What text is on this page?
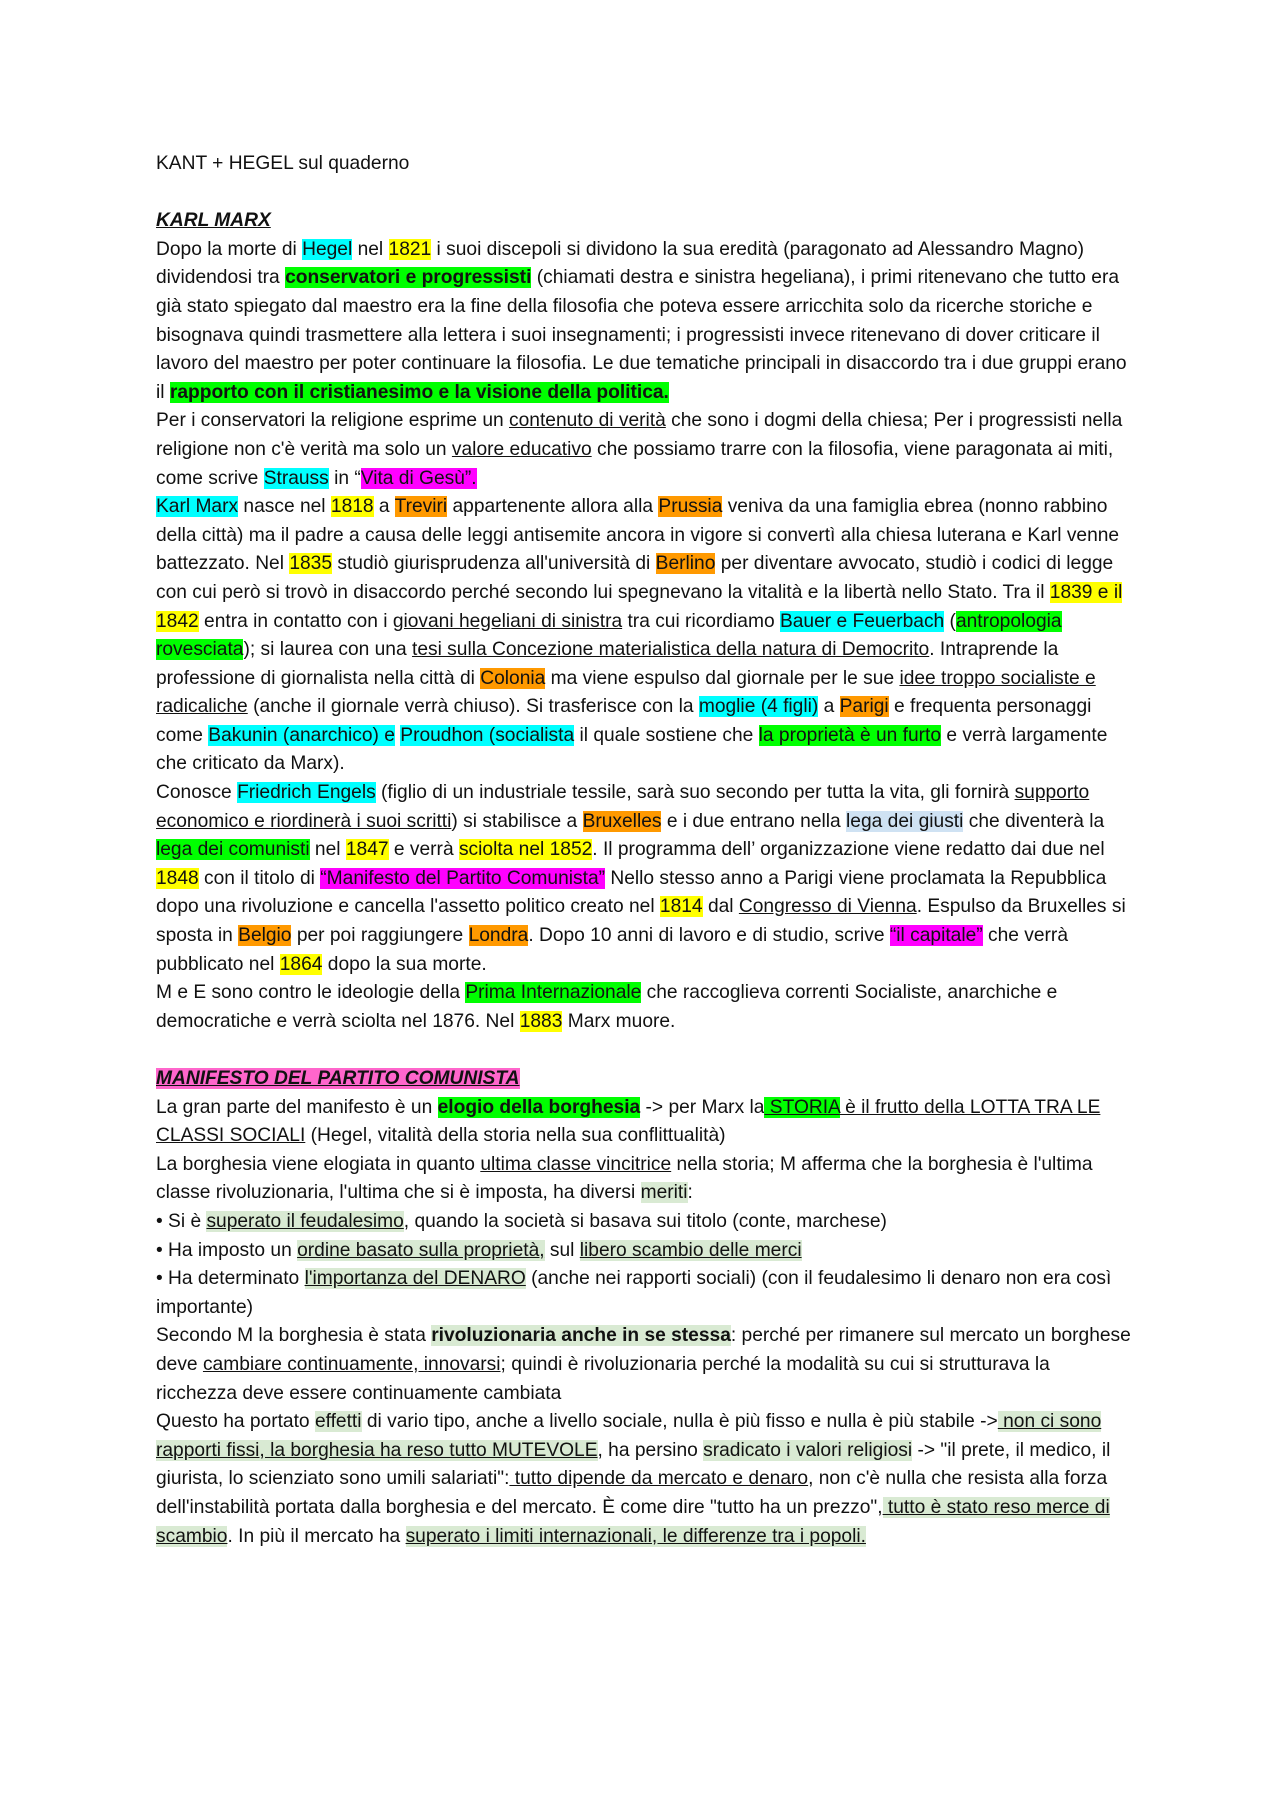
KANT + HEGEL sul quaderno

KARL MARX

Dopo la morte di Hegel nel 1821 i suoi discepoli si dividono la sua eredità (paragonato ad Alessandro Magno) dividendosi tra conservatori e progressisti (chiamati destra e sinistra hegeliana), i primi ritenevano che tutto era già stato spiegato dal maestro era la fine della filosofia che poteva essere arricchita solo da ricerche storiche e bisognava quindi trasmettere alla lettera i suoi insegnamenti; i progressisti invece ritenevano di dover criticare il lavoro del maestro per poter continuare la filosofia. Le due tematiche principali in disaccordo tra i due gruppi erano il rapporto con il cristianesimo e la visione della politica.

Per i conservatori la religione esprime un contenuto di verità che sono i dogmi della chiesa; Per i progressisti nella religione non c'è verità ma solo un valore educativo che possiamo trarre con la filosofia, viene paragonata ai miti, come scrive Strauss in “Vita di Gesù”.

Karl Marx nasce nel 1818 a Treviri appartenente allora alla Prussia veniva da una famiglia ebrea (nonno rabbino della città) ma il padre a causa delle leggi antisemite ancora in vigore si convertì alla chiesa luterana e Karl venne battezzato. Nel 1835 studiò giurisprudenza all'università di Berlino per diventare avvocato, studiò i codici di legge con cui però si trovò in disaccordo perché secondo lui spegnevano la vitalità e la libertà nello Stato. Tra il 1839 e il 1842 entra in contatto con i giovani hegeliani di sinistra tra cui ricordiamo Bauer e Feuerbach (antropologia rovesciata); si laurea con una tesi sulla Concezione materialistica della natura di Democrito. Intraprende la professione di giornalista nella città di Colonia ma viene espulso dal giornale per le sue idee troppo socialiste e radicaliche (anche il giornale verrà chiuso). Si trasferisce con la moglie (4 figli) a Parigi e frequenta personaggi come Bakunin (anarchico) e Proudhon (socialista il quale sostiene che la proprietà è un furto e verrà largamente che criticato da Marx).

Conosce Friedrich Engels (figlio di un industriale tessile, sarà suo secondo per tutta la vita, gli fornirà supporto economico e riordinerà i suoi scritti) si stabilisce a Bruxelles e i due entrano nella lega dei giusti che diventerà la lega dei comunisti nel 1847 e verrà sciolta nel 1852. Il programma dell’ organizzazione viene redatto dai due nel 1848 con il titolo di “Manifesto del Partito Comunista” Nello stesso anno a Parigi viene proclamata la Repubblica dopo una rivoluzione e cancella l'assetto politico creato nel 1814 dal Congresso di Vienna. Espulso da Bruxelles si sposta in Belgio per poi raggiungere Londra. Dopo 10 anni di lavoro e di studio, scrive “il capitale” che verrà pubblicato nel 1864 dopo la sua morte.

M e E sono contro le ideologie della Prima Internazionale che raccoglieva correnti Socialiste, anarchiche e democratiche e verrà sciolta nel 1876. Nel 1883 Marx muore.

MANIFESTO DEL PARTITO COMUNISTA

La gran parte del manifesto è un elogio della borghesia -> per Marx la STORIA è il frutto della LOTTA TRA LE CLASSI SOCIALI (Hegel, vitalità della storia nella sua conflittualità)

La borghesia viene elogiata in quanto ultima classe vincitrice nella storia; M afferma che la borghesia è l'ultima classe rivoluzionaria, l'ultima che si è imposta, ha diversi meriti:

• Si è superato il feudalesimo, quando la società si basava sui titolo (conte, marchese)

• Ha imposto un ordine basato sulla proprietà, sul libero scambio delle merci

• Ha determinato l'importanza del DENARO (anche nei rapporti sociali) (con il feudalesimo li denaro non era così importante)

Secondo M la borghesia è stata rivoluzionaria anche in se stessa: perché per rimanere sul mercato un borghese deve cambiare continuamente, innovarsi; quindi è rivoluzionaria perché la modalità su cui si strutturava la ricchezza deve essere continuamente cambiata

Questo ha portato effetti di vario tipo, anche a livello sociale, nulla è più fisso e nulla è più stabile -> non ci sono rapporti fissi, la borghesia ha reso tutto MUTEVOLE, ha persino sradicato i valori religiosi -> "il prete, il medico, il giurista, lo scienziato sono umili salariati": tutto dipende da mercato e denaro, non c'è nulla che resista alla forza dell'instabilità portata dalla borghesia e del mercato. È come dire "tutto ha un prezzo", tutto è stato reso merce di scambio. In più il mercato ha superato i limiti internazionali, le differenze tra i popoli.
